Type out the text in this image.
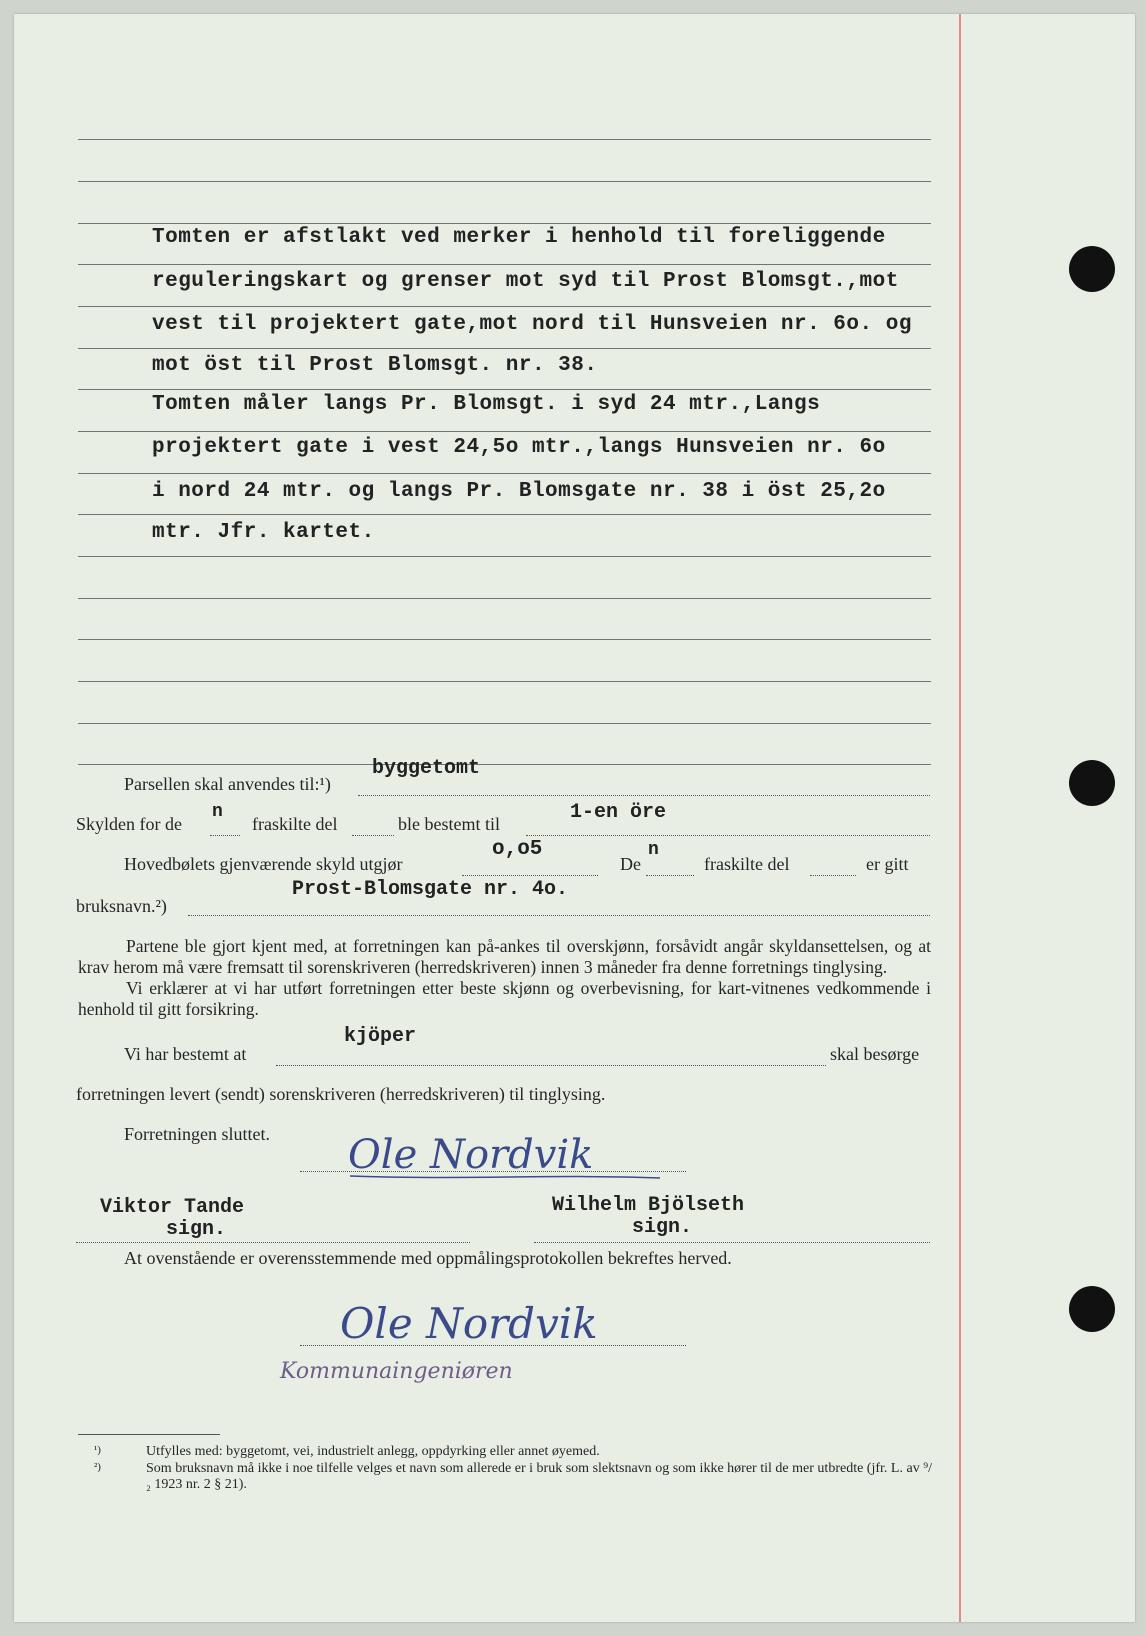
Tomten er afstlakt ved merker i henhold til foreliggende
reguleringskart og grenser mot syd til Prost Blomsgt.,mot
vest til projektert gate,mot nord til Hunsveien nr. 6o. og
mot öst til Prost Blomsgt. nr. 38.
Tomten måler langs Pr. Blomsgt. i syd 24 mtr.,Langs
projektert gate i vest 24,5o mtr.,langs Hunsveien nr. 6o
i nord 24 mtr. og langs Pr. Blomsgate nr. 38 i öst 25,2o
mtr. Jfr. kartet.
Parsellen skal anvendes til:¹)
byggetomt
Skylden for de
n
fraskilte del	ble bestemt til	1-en öre
Hovedbølets gjenværende skyld utgjør
o,o5
De
n
fraskilte del	er gitt
bruksnavn.²)
Prost-Blomsgate nr. 4o.
Partene ble gjort kjent med, at forretningen kan på-ankes til overskjønn, forsåvidt angår skyldansettelsen, og at krav herom må være fremsatt til sorenskriveren (herredskriveren) innen 3 måneder fra denne forretnings tinglysing.
Vi erklærer at vi har utført forretningen etter beste skjønn og overbevisning, for kart-vitnenes vedkommende i henhold til gitt forsikring.
Vi har bestemt at
kjöper
skal besørge
forretningen levert (sendt) sorenskriveren (herredskriveren) til tinglysing.
Forretningen sluttet. Ole Nordvik
Viktor Tande
sign.
Wilhelm Bjölseth
sign.
At ovenstående er overensstemmende med oppmålingsprotokollen bekreftes herved.
Ole Nordvik
Kommunaingeniøren
¹)	Utfylles med: byggetomt, vei, industrielt anlegg, oppdyrking eller annet øyemed.
²)	Som bruksnavn må ikke i noe tilfelle velges et navn som allerede er i bruk som slektsnavn og som ikke hører til de mer utbredte (jfr. L. av ⁹/₂ 1923 nr. 2 § 21).
